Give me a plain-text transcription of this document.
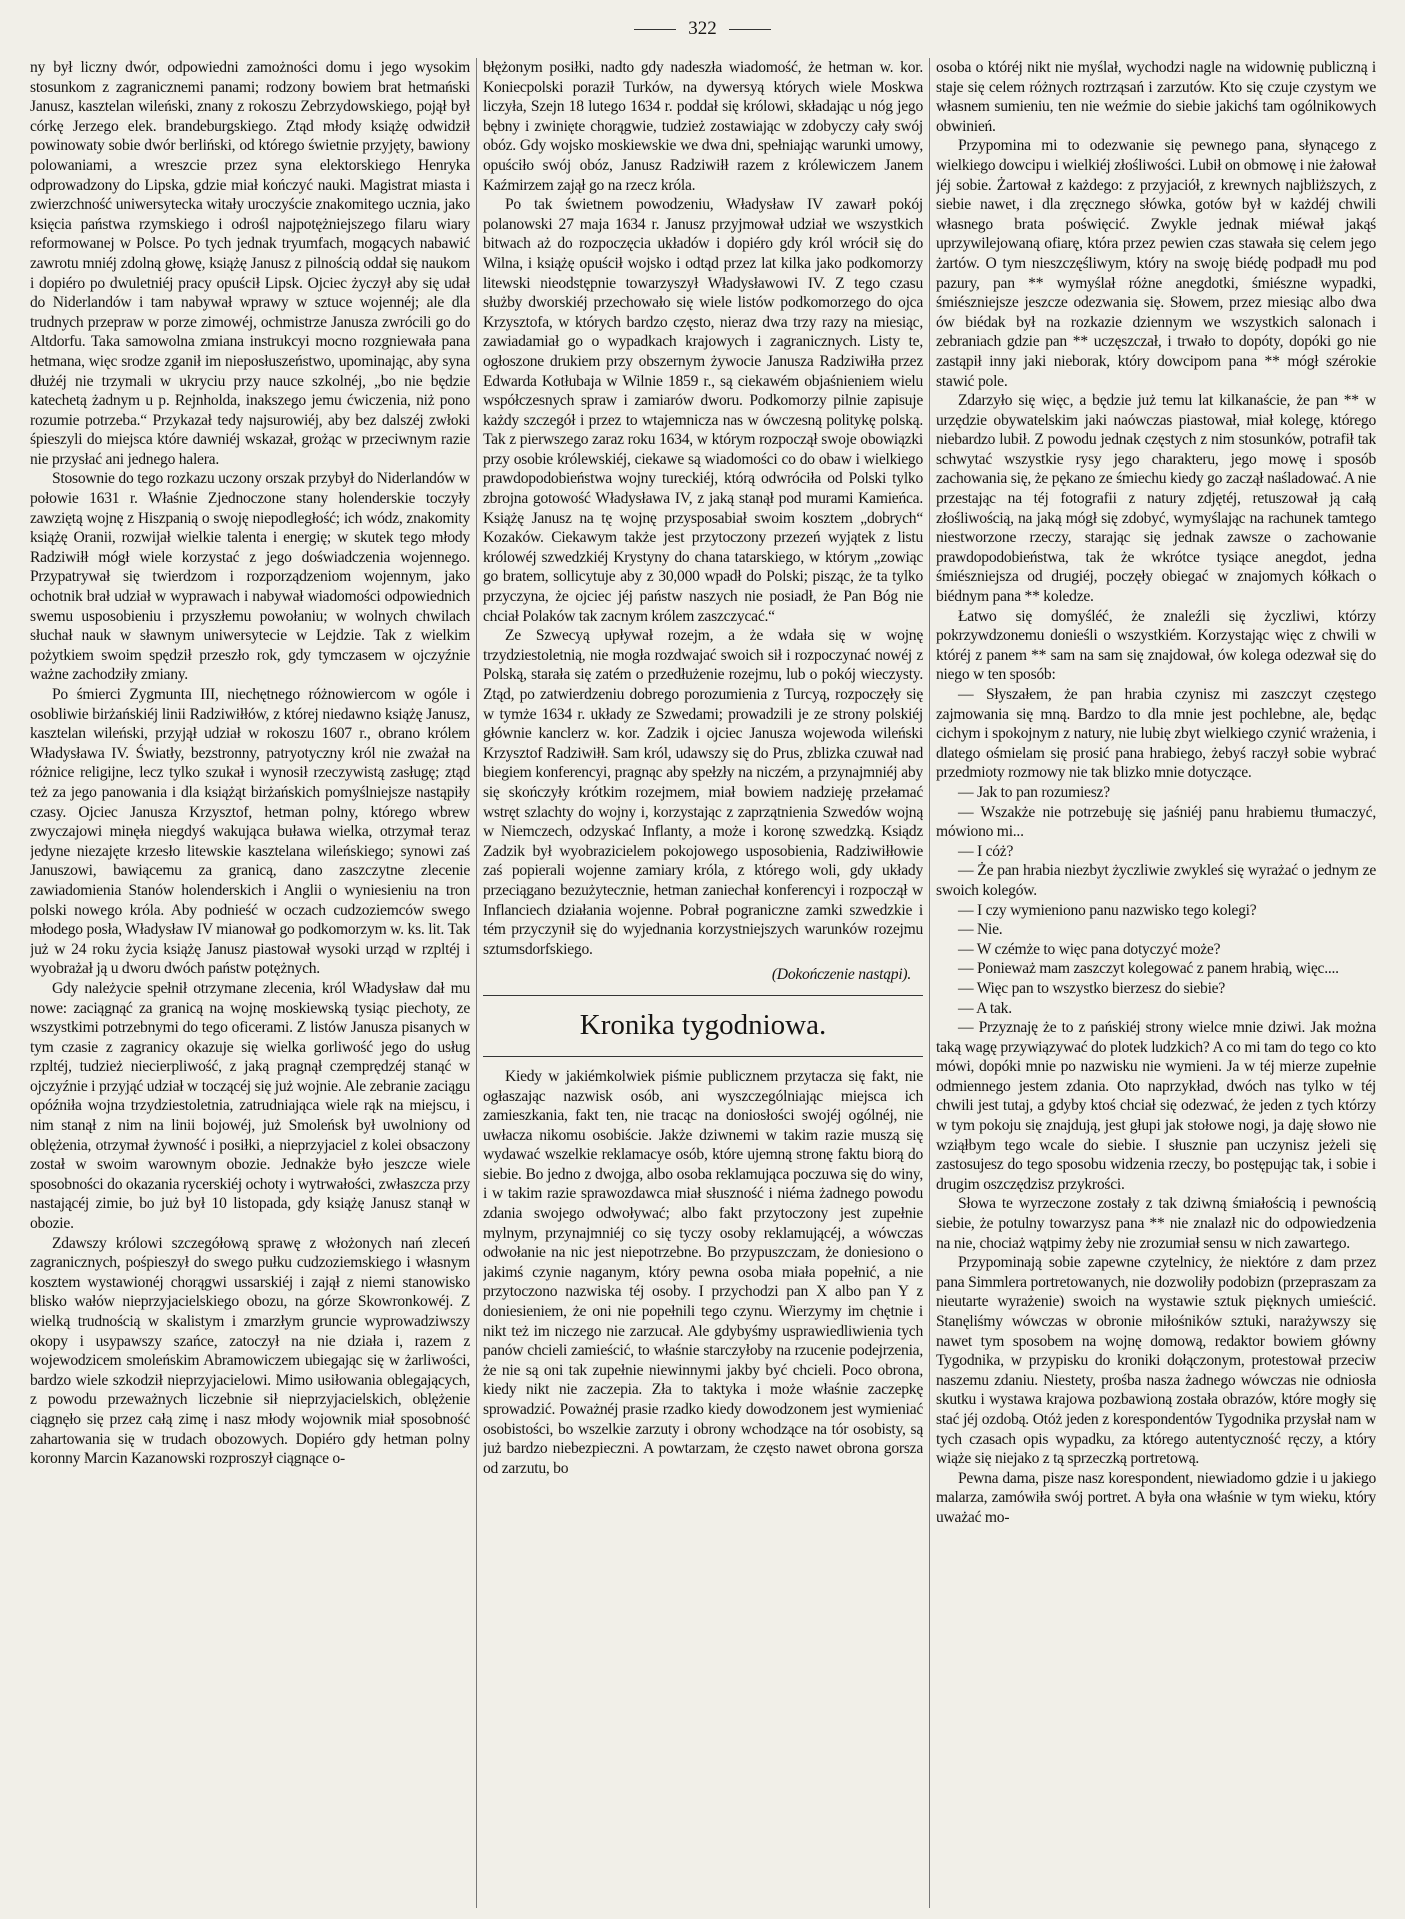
322

ny był liczny dwór, odpowiedni zamożności domu i jego wysokim stosunkom z zagranicznemi panami; rodzony bowiem brat hetmański Janusz, kasztelan wileński, znany z rokoszu Zebrzydowskiego, pojął był córkę Jerzego elek. brandeburgskiego. Ztąd młody książę odwidził powinowaty sobie dwór berliński, od którego świetnie przyjęty, bawiony polowaniami, a wreszcie przez syna elektorskiego Henryka odprowadzony do Lipska, gdzie miał kończyć nauki. Magistrat miasta i zwierzchność uniwersytecka witały uroczyście znakomitego ucznia, jako księcia państwa rzymskiego i odrośl najpotężniejszego filaru wiary reformowanej w Polsce. Po tych jednak tryumfach, mogących nabawić zawrotu mniéj zdolną głowę, książę Janusz z pilnością oddał się naukom i dopiéro po dwuletniéj pracy opuścił Lipsk. Ojciec życzył aby się udał do Niderlandów i tam nabywał wprawy w sztuce wojennéj; ale dla trudnych przepraw w porze zimowéj, ochmistrze Janusza zwrócili go do Altdorfu. Taka samowolna zmiana instrukcyi mocno rozgniewała pana hetmana, więc srodze zganił im nieposłuszeństwo, upominając, aby syna dłużéj nie trzymali w ukryciu przy nauce szkolnéj, „bo nie będzie katechetą żadnym u p. Rejnholda, inakszego jemu ćwiczenia, niż pono rozumie potrzeba.“ Przykazał tedy najsurowiéj, aby bez dalszéj zwłoki śpieszyli do miejsca które dawniéj wskazał, grożąc w przeciwnym razie nie przysłać ani jednego halera.

Stosownie do tego rozkazu uczony orszak przybył do Niderlandów w połowie 1631 r. Właśnie Zjednoczone stany holenderskie toczyły zawziętą wojnę z Hiszpanią o swoję niepodległość; ich wódz, znakomity książę Oranii, rozwijał wielkie talenta i energię; w skutek tego młody Radziwiłł mógł wiele korzystać z jego doświadczenia wojennego. Przypatrywał się twierdzom i rozporządzeniom wojennym, jako ochotnik brał udział w wyprawach i nabywał wiadomości odpowiednich swemu usposobieniu i przyszłemu powołaniu; w wolnych chwilach słuchał nauk w sławnym uniwersytecie w Lejdzie. Tak z wielkim pożytkiem swoim spędził przeszło rok, gdy tymczasem w ojczyźnie ważne zachodziły zmiany.

Po śmierci Zygmunta III, niechętnego różnowiercom w ogóle i osobliwie birżańskiéj linii Radziwiłłów, z której niedawno książę Janusz, kasztelan wileński, przyjął udział w rokoszu 1607 r., obrano królem Władysława IV. Światły, bezstronny, patryotyczny król nie zważał na różnice religijne, lecz tylko szukał i wynosił rzeczywistą zasługę; ztąd też za jego panowania i dla książąt birżańskich pomyślniejsze nastąpiły czasy. Ojciec Janusza Krzysztof, hetman polny, którego wbrew zwyczajowi minęła niegdyś wakująca buława wielka, otrzymał teraz jedyne niezajęte krzesło litewskie kasztelana wileńskiego; synowi zaś Januszowi, bawiącemu za granicą, dano zaszczytne zlecenie zawiadomienia Stanów holenderskich i Anglii o wyniesieniu na tron polski nowego króla. Aby podnieść w oczach cudzoziemców swego młodego posła, Władysław IV mianował go podkomorzym w. ks. lit. Tak już w 24 roku życia książę Janusz piastował wysoki urząd w rzpltéj i wyobrażał ją u dworu dwóch państw potężnych.

Gdy należycie spełnił otrzymane zlecenia, król Władysław dał mu nowe: zaciągnąć za granicą na wojnę moskiewską tysiąc piechoty, ze wszystkimi potrzebnymi do tego oficerami. Z listów Janusza pisanych w tym czasie z zagranicy okazuje się wielka gorliwość jego do usług rzpltéj, tudzież niecierpliwość, z jaką pragnął czemprędzéj stanąć w ojczyźnie i przyjąć udział w toczącéj się już wojnie. Ale zebranie zaciągu opóźniła wojna trzydziestoletnia, zatrudniająca wiele rąk na miejscu, i nim stanął z nim na linii bojowéj, już Smoleńsk był uwolniony od oblężenia, otrzymał żywność i posiłki, a nieprzyjaciel z kolei obsaczony został w swoim warownym obozie. Jednakże było jeszcze wiele sposobności do okazania rycerskiéj ochoty i wytrwałości, zwłaszcza przy nastającéj zimie, bo już był 10 listopada, gdy książę Janusz stanął w obozie.

Zdawszy królowi szczegółową sprawę z włożonych nań zleceń zagranicznych, pośpieszył do swego pułku cudzoziemskiego i własnym kosztem wystawionéj chorągwi ussarskiéj i zajął z niemi stanowisko blisko wałów nieprzyjacielskiego obozu, na górze Skowronkowéj. Z wielką trudnością w skalistym i zmarzłym gruncie wyprowadziwszy okopy i usypawszy szańce, zatoczył na nie działa i, razem z wojewodzicem smoleńskim Abramowiczem ubiegając się w żarliwości, bardzo wiele szkodził nieprzyjacielowi. Mimo usiłowania oblegających, z powodu przeważnych liczebnie sił nieprzyjacielskich, oblężenie ciągnęło się przez całą zimę i nasz młody wojownik miał sposobność zahartowania się w trudach obozowych. Dopiéro gdy hetman polny koronny Marcin Kazanowski rozproszył ciągnące o-

błężonym posiłki, nadto gdy nadeszła wiadomość, że hetman w. kor. Koniecpolski poraził Turków, na dywersyą których wiele Moskwa liczyła, Szejn 18 lutego 1634 r. poddał się królowi, składając u nóg jego bębny i zwinięte chorągwie, tudzież zostawiając w zdobyczy cały swój obóz. Gdy wojsko moskiewskie we dwa dni, spełniając warunki umowy, opuściło swój obóz, Janusz Radziwiłł razem z królewiczem Janem Kaźmirzem zajął go na rzecz króla.

Po tak świetnem powodzeniu, Władysław IV zawarł pokój polanowski 27 maja 1634 r. Janusz przyjmował udział we wszystkich bitwach aż do rozpoczęcia układów i dopiéro gdy król wrócił się do Wilna, i książę opuścił wojsko i odtąd przez lat kilka jako podkomorzy litewski nieodstępnie towarzyszył Władysławowi IV. Z tego czasu służby dworskiéj przechowało się wiele listów podkomorzego do ojca Krzysztofa, w których bardzo często, nieraz dwa trzy razy na miesiąc, zawiadamiał go o wypadkach krajowych i zagranicznych. Listy te, ogłoszone drukiem przy obszernym żywocie Janusza Radziwiłła przez Edwarda Kotłubaja w Wilnie 1859 r., są ciekawém objaśnieniem wielu współczesnych spraw i zamiarów dworu. Podkomorzy pilnie zapisuje każdy szczegół i przez to wtajemnicza nas w ówczesną politykę polską. Tak z pierwszego zaraz roku 1634, w którym rozpoczął swoje obowiązki przy osobie królewskiéj, ciekawe są wiadomości co do obaw i wielkiego prawdopodobieństwa wojny tureckiéj, którą odwróciła od Polski tylko zbrojna gotowość Władysława IV, z jaką stanął pod murami Kamieńca. Książę Janusz na tę wojnę przysposabiał swoim kosztem „dobrych“ Kozaków. Ciekawym także jest przytoczony przezeń wyjątek z listu królowéj szwedzkiéj Krystyny do chana tatarskiego, w którym „zowiąc go bratem, sollicytuje aby z 30,000 wpadł do Polski; pisząc, że ta tylko przyczyna, że ojciec jéj państw naszych nie posiadł, że Pan Bóg nie chciał Polaków tak zacnym królem zaszczycać.“

Ze Szwecyą upływał rozejm, a że wdała się w wojnę trzydziestoletnią, nie mogła rozdwajać swoich sił i rozpoczynać nowéj z Polską, starała się zatém o przedłużenie rozejmu, lub o pokój wieczysty. Ztąd, po zatwierdzeniu dobrego porozumienia z Turcyą, rozpoczęły się w tymże 1634 r. układy ze Szwedami; prowadzili je ze strony polskiéj głównie kanclerz w. kor. Zadzik i ojciec Janusza wojewoda wileński Krzysztof Radziwiłł. Sam król, udawszy się do Prus, zblizka czuwał nad biegiem konferencyi, pragnąc aby spełzły na niczém, a przynajmniéj aby się skończyły krótkim rozejmem, miał bowiem nadzieję przełamać wstręt szlachty do wojny i, korzystając z zaprzątnienia Szwedów wojną w Niemczech, odzyskać Inflanty, a może i koronę szwedzką. Ksiądz Zadzik był wyobrazicielem pokojowego usposobienia, Radziwiłłowie zaś popierali wojenne zamiary króla, z którego woli, gdy układy przeciągano bezużytecznie, hetman zaniechał konferencyi i rozpoczął w Inflanciech działania wojenne. Pobrał pograniczne zamki szwedzkie i tém przyczynił się do wyjednania korzystniejszych warunków rozejmu sztumsdorfskiego.

(Dokończenie nastąpi).

Kronika tygodniowa.

Kiedy w jakiémkolwiek piśmie publicznem przytacza się fakt, nie ogłaszając nazwisk osób, ani wyszczególniając miejsca ich zamieszkania, fakt ten, nie tracąc na doniosłości swojéj ogólnéj, nie uwłacza nikomu osobiście. Jakże dziwnemi w takim razie muszą się wydawać wszelkie reklamacye osób, które ujemną stronę faktu biorą do siebie. Bo jedno z dwojga, albo osoba reklamująca poczuwa się do winy, i w takim razie sprawozdawca miał słuszność i niéma żadnego powodu zdania swojego odwoływać; albo fakt przytoczony jest zupełnie mylnym, przynajmniéj co się tyczy osoby reklamującéj, a wówczas odwołanie na nic jest niepotrzebne. Bo przypuszczam, że doniesiono o jakimś czynie naganym, który pewna osoba miała popełnić, a nie przytoczono nazwiska téj osoby. I przychodzi pan X albo pan Y z doniesieniem, że oni nie popełnili tego czynu. Wierzymy im chętnie i nikt też im niczego nie zarzucał. Ale gdybyśmy usprawiedliwienia tych panów chcieli zamieścić, to właśnie starczyłoby na rzucenie podejrzenia, że nie są oni tak zupełnie niewinnymi jakby być chcieli. Poco obrona, kiedy nikt nie zaczepia. Zła to taktyka i może właśnie zaczepkę sprowadzić. Poważnéj prasie rzadko kiedy dowodzonem jest wymieniać osobistości, bo wszelkie zarzuty i obrony wchodzące na tór osobisty, są już bardzo niebezpieczni. A powtarzam, że często nawet obrona gorsza od zarzutu, bo

osoba o któréj nikt nie myślał, wychodzi nagle na widownię publiczną i staje się celem różnych roztrząsań i zarzutów. Kto się czuje czystym we własnem sumieniu, ten nie weźmie do siebie jakichś tam ogólnikowych obwinień.

Przypomina mi to odezwanie się pewnego pana, słynącego z wielkiego dowcipu i wielkiéj złośliwości. Lubił on obmowę i nie żałował jéj sobie. Żartował z każdego: z przyjaciół, z krewnych najbliższych, z siebie nawet, i dla zręcznego słówka, gotów był w każdéj chwili własnego brata poświęcić. Zwykle jednak miéwał jakąś uprzywilejowaną ofiarę, która przez pewien czas stawała się celem jego żartów. O tym nieszczęśliwym, który na swoję biédę podpadł mu pod pazury, pan ** wymyślał różne anegdotki, śmiészne wypadki, śmiészniejsze jeszcze odezwania się. Słowem, przez miesiąc albo dwa ów biédak był na rozkazie dziennym we wszystkich salonach i zebraniach gdzie pan ** uczęszczał, i trwało to dopóty, dopóki go nie zastąpił inny jaki nieborak, który dowcipom pana ** mógł szérokie stawić pole.

Zdarzyło się więc, a będzie już temu lat kilkanaście, że pan ** w urzędzie obywatelskim jaki naówczas piastował, miał kolegę, którego niebardzo lubił. Z powodu jednak częstych z nim stosunków, potrafił tak schwytać wszystkie rysy jego charakteru, jego mowę i sposób zachowania się, że pękano ze śmiechu kiedy go zaczął naśladować. A nie przestając na téj fotografii z natury zdjętéj, retuszował ją całą złośliwością, na jaką mógł się zdobyć, wymyślając na rachunek tamtego niestworzone rzeczy, starając się jednak zawsze o zachowanie prawdopodobieństwa, tak że wkrótce tysiące anegdot, jedna śmiészniejsza od drugiéj, poczęły obiegać w znajomych kółkach o biédnym pana ** koledze.

Łatwo się domyśléć, że znaleźli się życzliwi, którzy pokrzywdzonemu donieśli o wszystkiém. Korzystając więc z chwili w któréj z panem ** sam na sam się znajdował, ów kolega odezwał się do niego w ten sposób:

— Słyszałem, że pan hrabia czynisz mi zaszczyt częstego zajmowania się mną. Bardzo to dla mnie jest pochlebne, ale, będąc cichym i spokojnym z natury, nie lubię zbyt wielkiego czynić wrażenia, i dlatego ośmielam się prosić pana hrabiego, żebyś raczył sobie wybrać przedmioty rozmowy nie tak blizko mnie dotyczące.

— Jak to pan rozumiesz?

— Wszakże nie potrzebuję się jaśniéj panu hrabiemu tłumaczyć, mówiono mi...

— I cóż?

— Że pan hrabia niezbyt życzliwie zwykleś się wyrażać o jednym ze swoich kolegów.

— I czy wymieniono panu nazwisko tego kolegi?

— Nie.

— W czémże to więc pana dotyczyć może?

— Ponieważ mam zaszczyt kolegować z panem hrabią, więc....

— Więc pan to wszystko bierzesz do siebie?

— A tak.

— Przyznaję że to z pańskiéj strony wielce mnie dziwi. Jak można taką wagę przywiązywać do plotek ludzkich? A co mi tam do tego co kto mówi, dopóki mnie po nazwisku nie wymieni. Ja w téj mierze zupełnie odmiennego jestem zdania. Oto naprzykład, dwóch nas tylko w téj chwili jest tutaj, a gdyby ktoś chciał się odezwać, że jeden z tych którzy w tym pokoju się znajdują, jest głupi jak stołowe nogi, ja daję słowo nie wziąłbym tego wcale do siebie. I słusznie pan uczynisz jeżeli się zastosujesz do tego sposobu widzenia rzeczy, bo postępując tak, i sobie i drugim oszczędzisz przykrości.

Słowa te wyrzeczone zostały z tak dziwną śmiałością i pewnością siebie, że potulny towarzysz pana ** nie znalazł nic do odpowiedzenia na nie, chociaż wątpimy żeby nie zrozumiał sensu w nich zawartego.

Przypominają sobie zapewne czytelnicy, że niektóre z dam przez pana Simmlera portretowanych, nie dozwoliły podobizn (przepraszam za nieutarte wyrażenie) swoich na wystawie sztuk pięknych umieścić. Stanęliśmy wówczas w obronie miłośników sztuki, narażywszy się nawet tym sposobem na wojnę domową, redaktor bowiem główny Tygodnika, w przypisku do kroniki dołączonym, protestował przeciw naszemu zdaniu. Niestety, prośba nasza żadnego wówczas nie odniosła skutku i wystawa krajowa pozbawioną została obrazów, które mogły się stać jéj ozdobą. Otóż jeden z korespondentów Tygodnika przysłał nam w tych czasach opis wypadku, za którego autentyczność ręczy, a który wiąże się niejako z tą sprzeczką portretową.

Pewna dama, pisze nasz korespondent, niewiadomo gdzie i u jakiego malarza, zamówiła swój portret. A była ona właśnie w tym wieku, który uważać mo-
